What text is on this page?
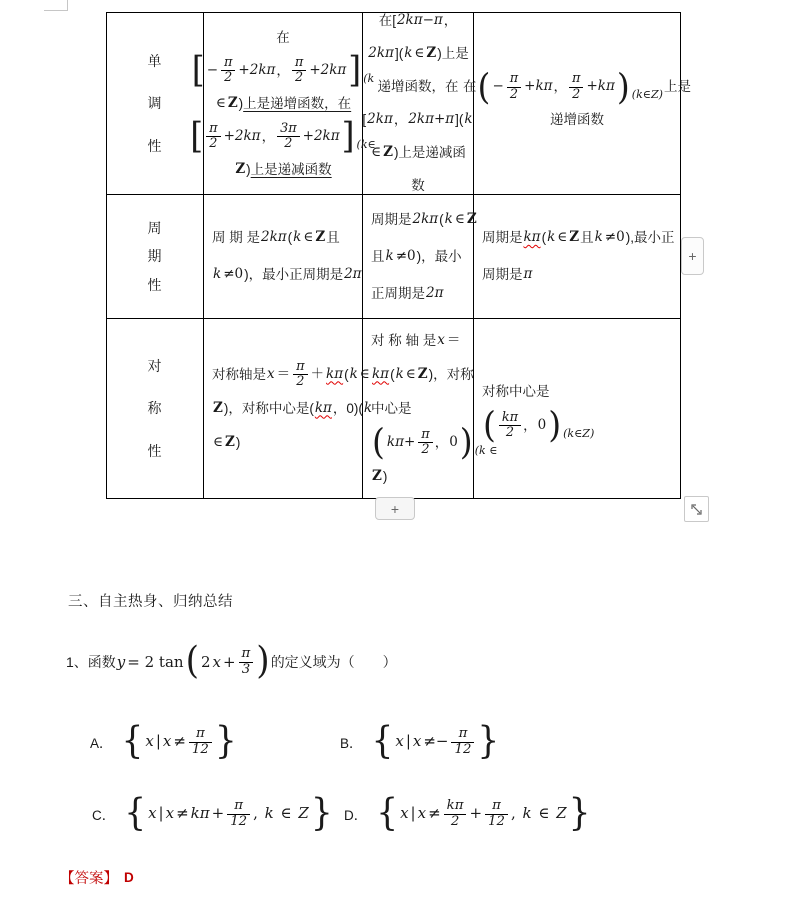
单
调
性
在
[ − $\frac{\pi}{2} +2k\pi$ ， $\frac{\pi}{2} +2k\pi$ ] (k
∈ Z ) 上是递增函数，在
[ $\frac{\pi}{2} +2k\pi$ ， $\frac{3\pi}{2} +2k\pi$ ] (k∈
Z ) 上是递减函数
在[ 2kπ−π ，
2kπ ]( k ∈ Z )上是
递增函数，在
[ 2kπ ， 2kπ+π ]( k
∈ Z )上是递减函
数
在 ( − $\frac{\pi}{2} +k\pi$ ， $\frac{\pi}{2} +k\pi$ ) (k∈Z)
上是
递增函数
周
期
性
周 期 是 2kπ ( k ∈ Z 且
k ≠0 )，最小正周期是 2π
周期是 2kπ ( k ∈ Z
且 k ≠0 )，最小
正周期是 2π
周期是 kπ ( k ∈ Z 且 k ≠0 ),最小正
周期是 π
对
称
性
对称轴是 $x = \frac{\pi}{2} + k\pi$ ( k ∈
Z )，对称中心是( kπ ，0)( k
∈ Z )
对 称 轴 是 x ＝
kπ ( k ∈ Z )，对称
中心是
( $k\pi+ \frac{\pi}{2}$ ， 0 ) (k ∈
Z )
对称中心是
( $\frac{k\pi}{2}$ ， 0 ) (k∈Z)
+
+
三、自主热身、归纳总结
1、函数 y = 2 tan ( 2 $x + \frac{\pi}{3}$ ) 的定义域为（　　）
A． { x | $x \ne \frac{\pi}{12}$ }	B． { x | $x \ne- \frac{\pi}{12}$ }
C． { x | $x \ne k\pi + \frac{\pi}{12}$ , k ∈ Z} D． { x | $x \ne \frac{k\pi}{2} + \frac{\pi}{12}$ , k ∈ Z}
【答案】 D
